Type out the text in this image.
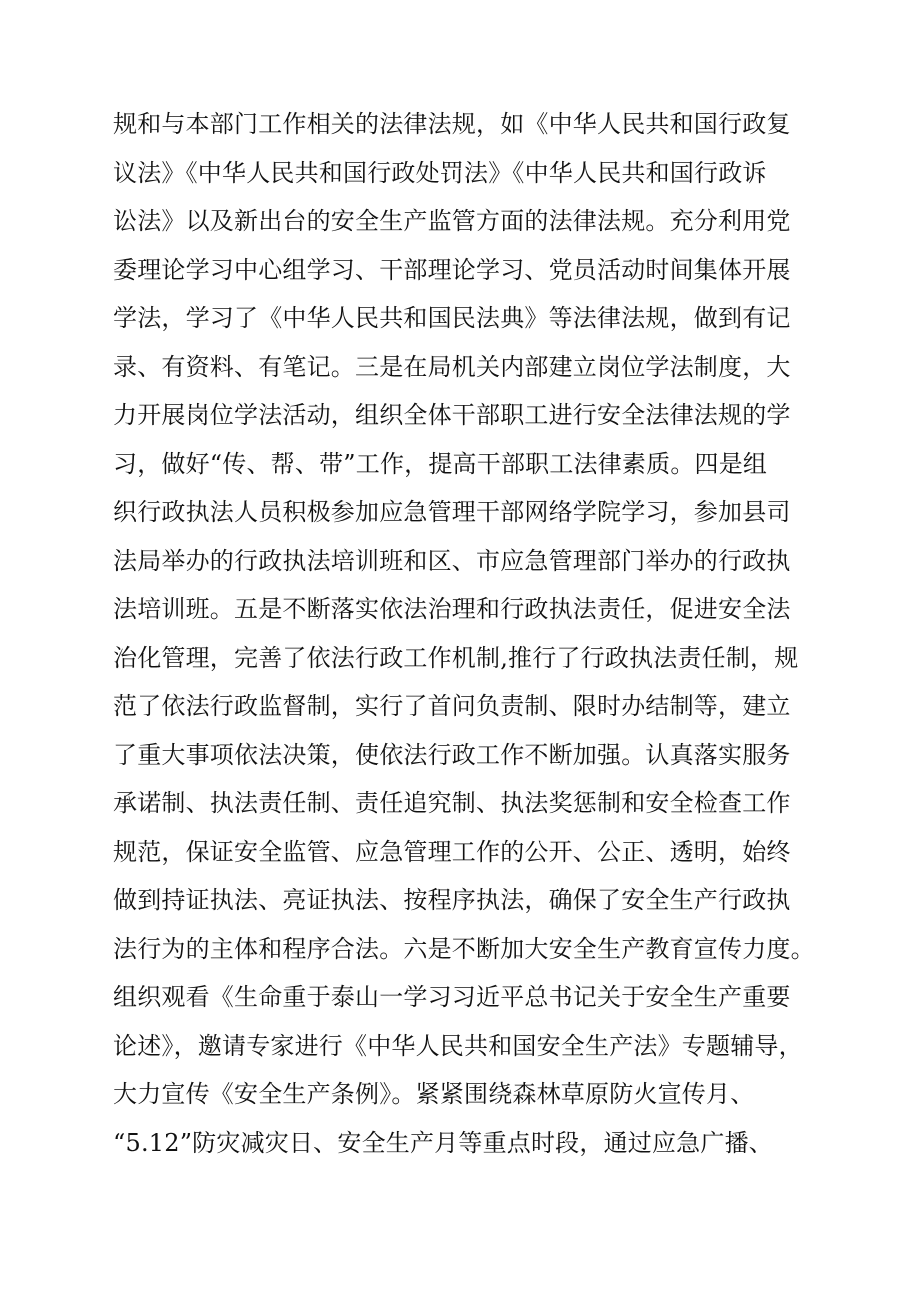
规和与本部门工作相关的法律法规，如《中华人民共和国行政复
议法》《中华人民共和国行政处罚法》《中华人民共和国行政诉
讼法》以及新出台的安全生产监管方面的法律法规。充分利用党
委理论学习中心组学习、干部理论学习、党员活动时间集体开展
学法，学习了《中华人民共和国民法典》等法律法规，做到有记
录、有资料、有笔记。三是在局机关内部建立岗位学法制度，大
力开展岗位学法活动，组织全体干部职工进行安全法律法规的学
习，做好“传、帮、带”工作，提高干部职工法律素质。四是组
织行政执法人员积极参加应急管理干部网络学院学习，参加县司
法局举办的行政执法培训班和区、市应急管理部门举办的行政执
法培训班。五是不断落实依法治理和行政执法责任，促进安全法
治化管理，完善了依法行政工作机制,推行了行政执法责任制，规
范了依法行政监督制，实行了首问负责制、限时办结制等，建立
了重大事项依法决策，使依法行政工作不断加强。认真落实服务
承诺制、执法责任制、责任追究制、执法奖惩制和安全检查工作
规范，保证安全监管、应急管理工作的公开、公正、透明，始终
做到持证执法、亮证执法、按程序执法，确保了安全生产行政执
法行为的主体和程序合法。六是不断加大安全生产教育宣传力度。
组织观看《生命重于泰山一学习习近平总书记关于安全生产重要
论述》，邀请专家进行《中华人民共和国安全生产法》专题辅导，
大力宣传《安全生产条例》。紧紧围绕森林草原防火宣传月、
“5.12”防灾减灾日、安全生产月等重点时段，通过应急广播、
